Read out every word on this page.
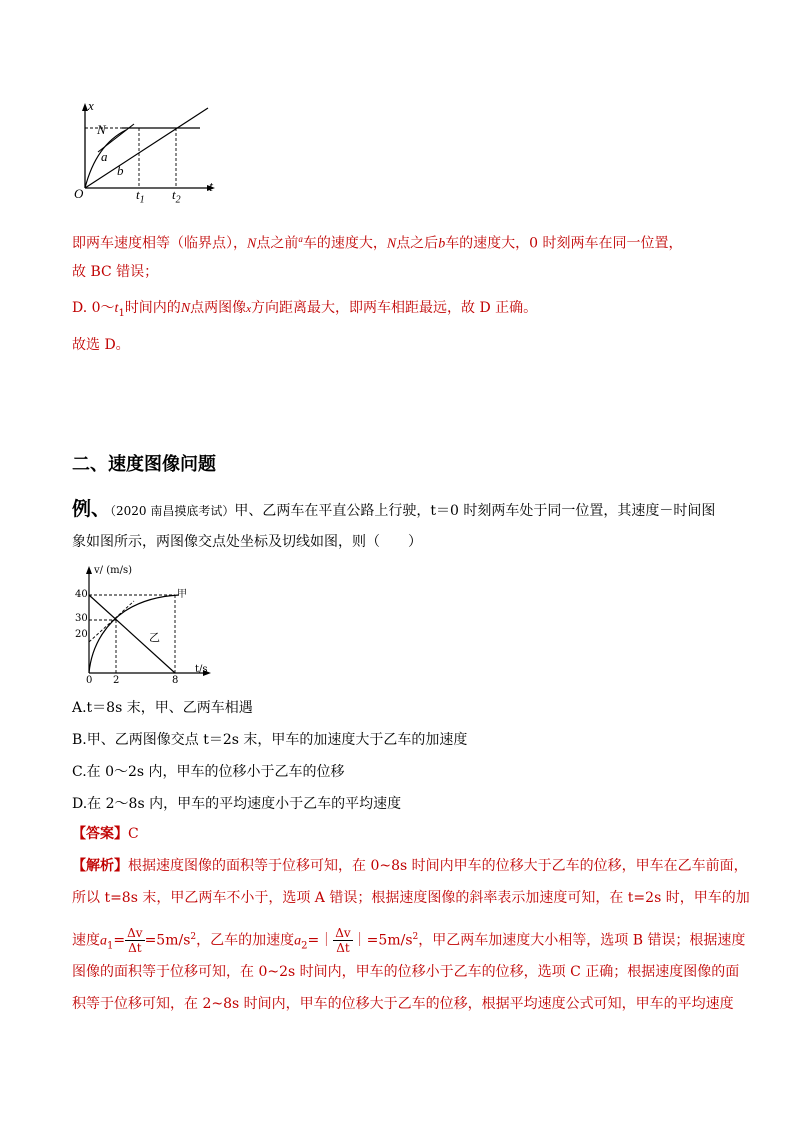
x
t
O
N
a
b
$t_1$ $t_2$
即两车速度相等（临界点），N点之前$^a$车的速度大，N点之后b车的速度大，0 时刻两车在同一位置，
故 BC 错误；
D. $0\sim t_1$时间内的N点两图像x方向距离最大，即两车相距最远，故 D 正确。
故选 D。
二、速度图像问题
例、（2020 南昌摸底考试）甲、乙两车在平直公路上行驶，t＝0 时刻两车处于同一位置，其速度－时间图
象如图所示，两图像交点处坐标及切线如图，则（　　）
v/ (m/s)
t/s
40
30
20
0 2	8
甲
乙
A.t＝8s 末，甲、乙两车相遇
B.甲、乙两图像交点 t＝2s 末，甲车的加速度大于乙车的加速度
C.在 0～2s 内，甲车的位移小于乙车的位移
D.在 2～8s 内，甲车的平均速度小于乙车的平均速度
【答案】C
【解析】根据速度图像的面积等于位移可知，在 0~8s 时间内甲车的位移大于乙车的位移，甲车在乙车前面，
所以 t=8s 末，甲乙两车不小于，选项 A 错误；根据速度图像的斜率表示加速度可知，在 t=2s 时，甲车的加
速度$a_1= \frac{\Delta v}{\Delta t} =5m/s^2$，乙车的加速度$a_2=| \frac{\Delta v}{\Delta t}$ $|=5m/s^2$，甲乙两车加速度大小相等，选项 B 错误；根据速度
图像的面积等于位移可知，在 0~2s 时间内，甲车的位移小于乙车的位移，选项 C 正确；根据速度图像的面
积等于位移可知，在 2~8s 时间内，甲车的位移大于乙车的位移，根据平均速度公式可知，甲车的平均速度
